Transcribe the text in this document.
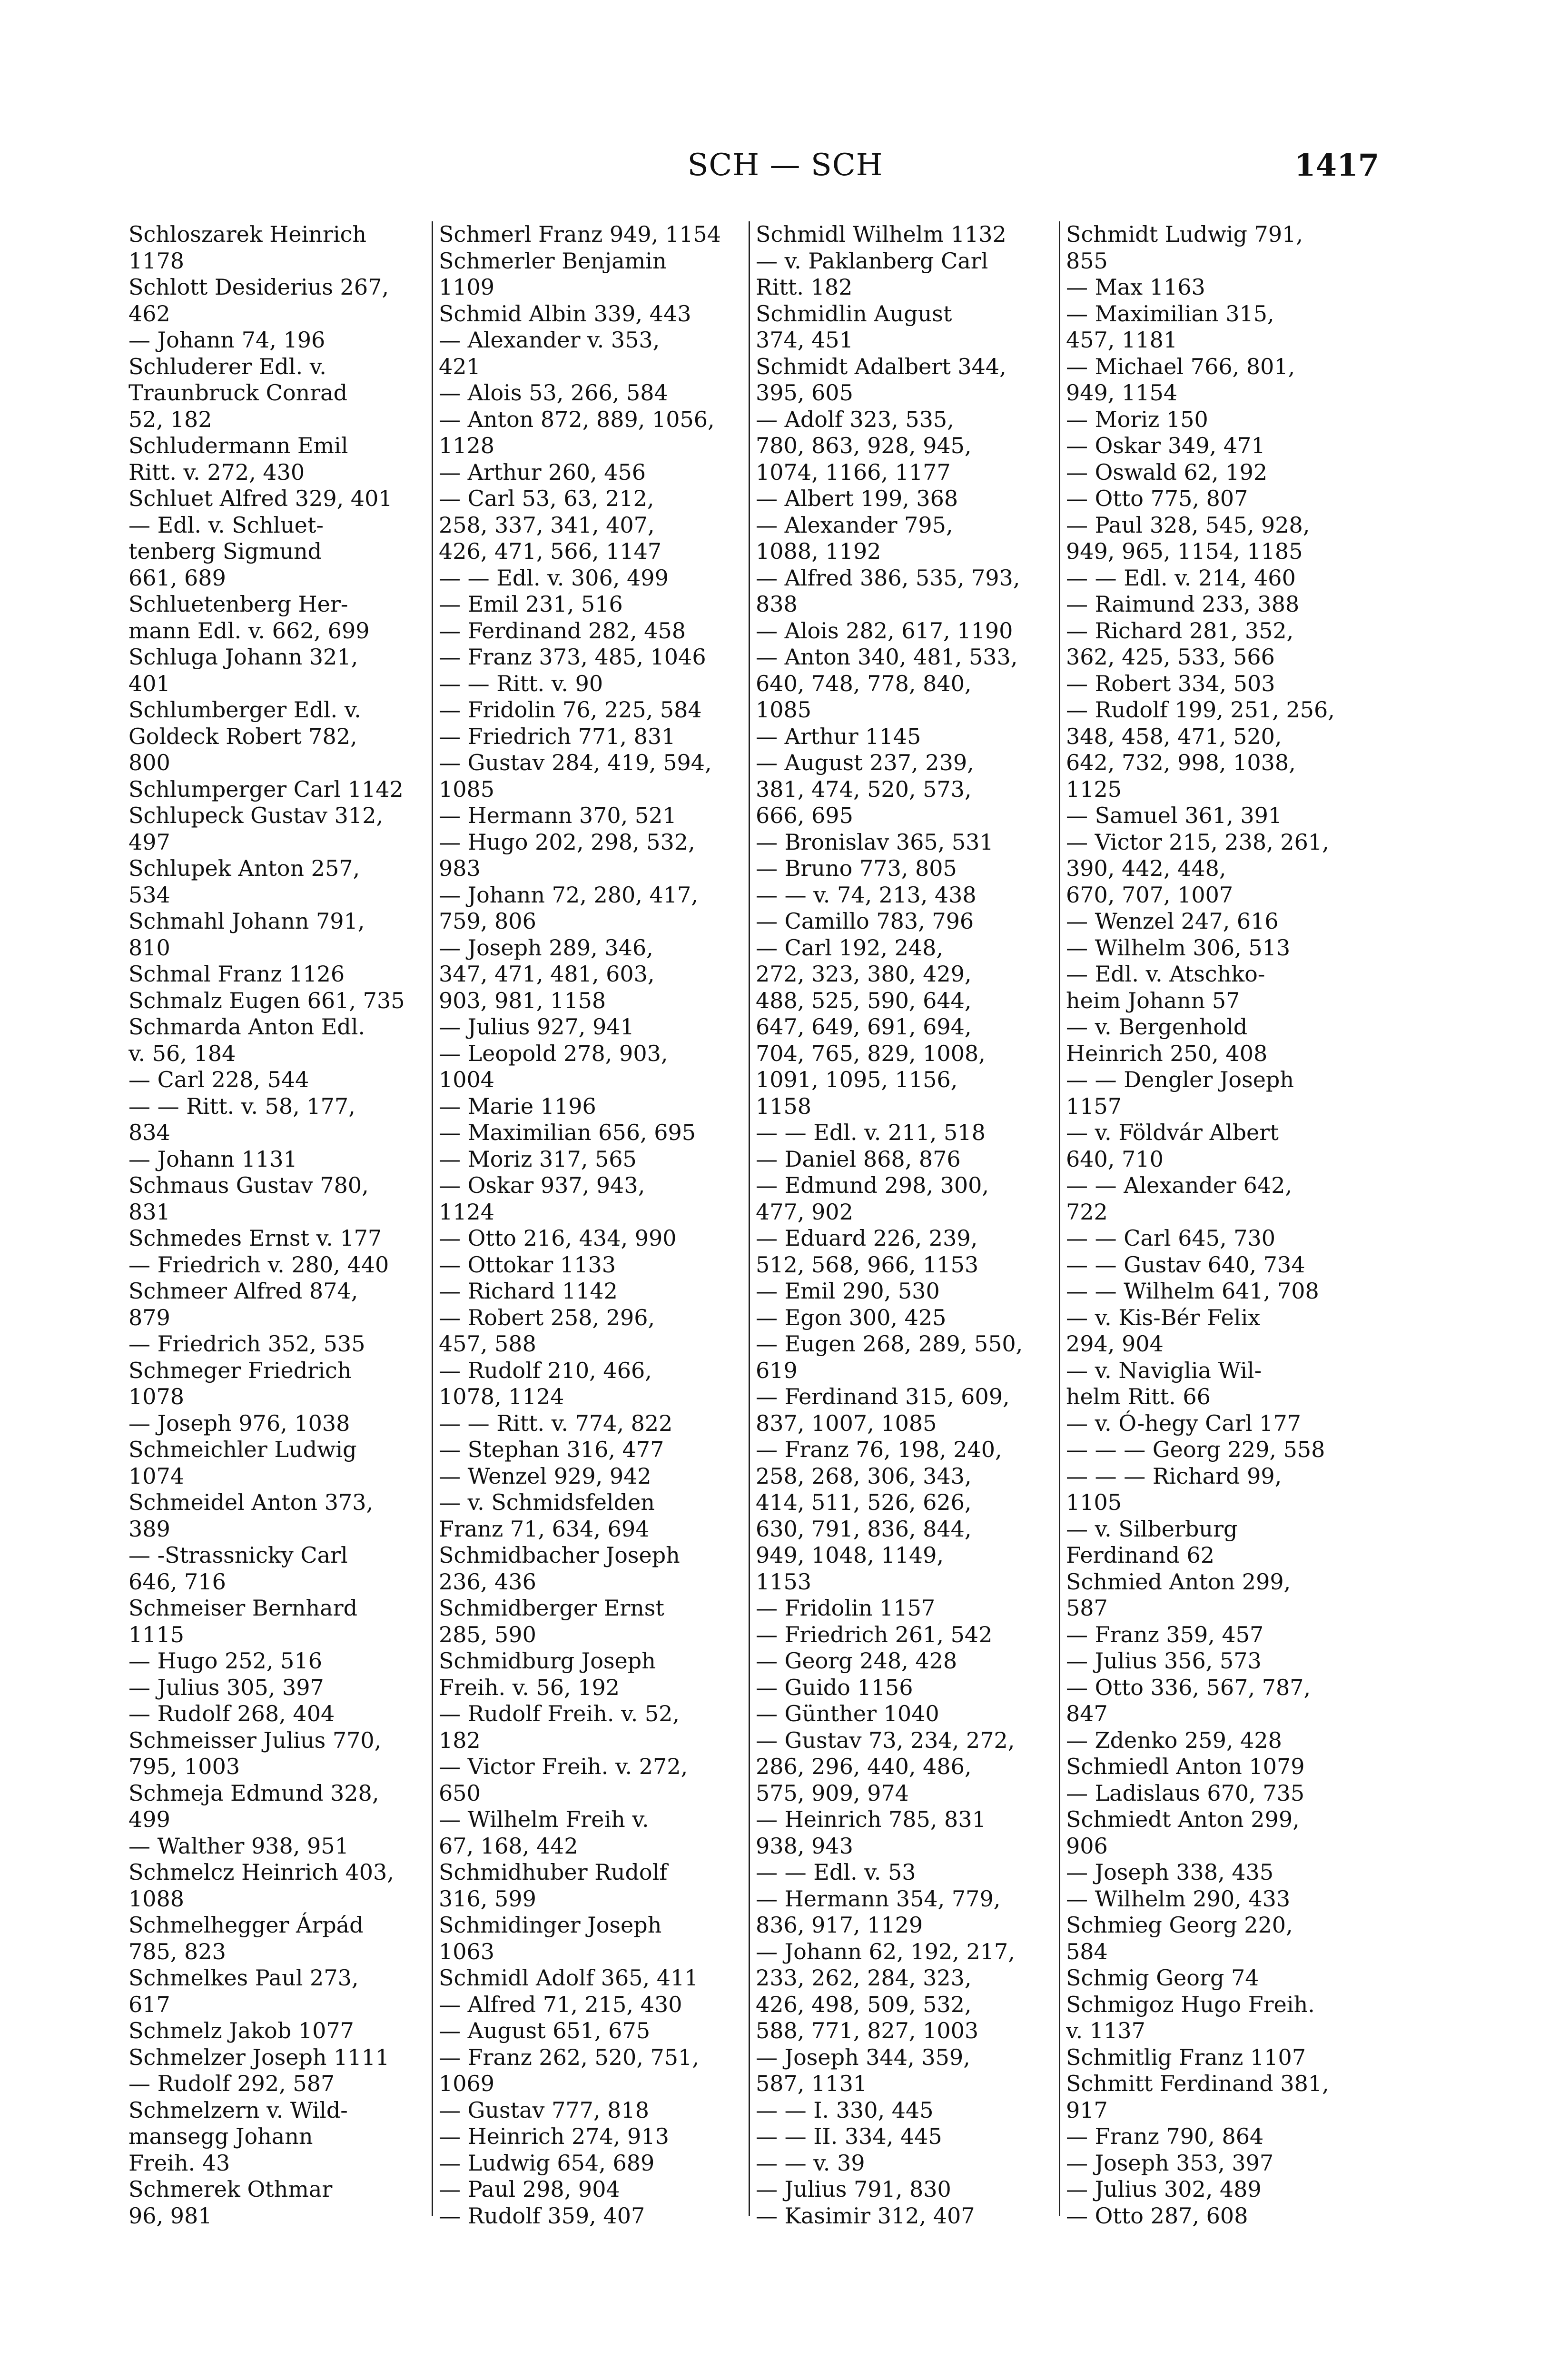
SCH — SCH	1417
Schloszarek Heinrich
1178
Schlott Desiderius 267,
462
— Johann 74, 196
Schluderer Edl. v.
Traunbruck Conrad
52, 182
Schludermann Emil
Ritt. v. 272, 430
Schluet Alfred 329, 401
— Edl. v. Schluet-
tenberg Sigmund
661, 689
Schluetenberg Her-
mann Edl. v. 662, 699
Schluga Johann 321,
401
Schlumberger Edl. v.
Goldeck Robert 782,
800
Schlumperger Carl 1142
Schlupeck Gustav 312,
497
Schlupek Anton 257,
534
Schmahl Johann 791,
810
Schmal Franz 1126
Schmalz Eugen 661, 735
Schmarda Anton Edl.
v. 56, 184
— Carl 228, 544
— — Ritt. v. 58, 177,
834
— Johann 1131
Schmaus Gustav 780,
831
Schmedes Ernst v. 177
— Friedrich v. 280, 440
Schmeer Alfred 874,
879
— Friedrich 352, 535
Schmeger Friedrich
1078
— Joseph 976, 1038
Schmeichler Ludwig
1074
Schmeidel Anton 373,
389
— -Strassnicky Carl
646, 716
Schmeiser Bernhard
1115
— Hugo 252, 516
— Julius 305, 397
— Rudolf 268, 404
Schmeisser Julius 770,
795, 1003
Schmeja Edmund 328,
499
— Walther 938, 951
Schmelcz Heinrich 403,
1088
Schmelhegger Árpád
785, 823
Schmelkes Paul 273,
617
Schmelz Jakob 1077
Schmelzer Joseph 1111
— Rudolf 292, 587
Schmelzern v. Wild-
mansegg Johann
Freih. 43
Schmerek Othmar
96, 981
Schmerl Franz 949, 1154
Schmerler Benjamin
1109
Schmid Albin 339, 443
— Alexander v. 353,
421
— Alois 53, 266, 584
— Anton 872, 889, 1056,
1128
— Arthur 260, 456
— Carl 53, 63, 212,
258, 337, 341, 407,
426, 471, 566, 1147
— — Edl. v. 306, 499
— Emil 231, 516
— Ferdinand 282, 458
— Franz 373, 485, 1046
— — Ritt. v. 90
— Fridolin 76, 225, 584
— Friedrich 771, 831
— Gustav 284, 419, 594,
1085
— Hermann 370, 521
— Hugo 202, 298, 532,
983
— Johann 72, 280, 417,
759, 806
— Joseph 289, 346,
347, 471, 481, 603,
903, 981, 1158
— Julius 927, 941
— Leopold 278, 903,
1004
— Marie 1196
— Maximilian 656, 695
— Moriz 317, 565
— Oskar 937, 943,
1124
— Otto 216, 434, 990
— Ottokar 1133
— Richard 1142
— Robert 258, 296,
457, 588
— Rudolf 210, 466,
1078, 1124
— — Ritt. v. 774, 822
— Stephan 316, 477
— Wenzel 929, 942
— v. Schmidsfelden
Franz 71, 634, 694
Schmidbacher Joseph
236, 436
Schmidberger Ernst
285, 590
Schmidburg Joseph
Freih. v. 56, 192
— Rudolf Freih. v. 52,
182
— Victor Freih. v. 272,
650
— Wilhelm Freih v.
67, 168, 442
Schmidhuber Rudolf
316, 599
Schmidinger Joseph
1063
Schmidl Adolf 365, 411
— Alfred 71, 215, 430
— August 651, 675
— Franz 262, 520, 751,
1069
— Gustav 777, 818
— Heinrich 274, 913
— Ludwig 654, 689
— Paul 298, 904
— Rudolf 359, 407
Schmidl Wilhelm 1132
— v. Paklanberg Carl
Ritt. 182
Schmidlin August
374, 451
Schmidt Adalbert 344,
395, 605
— Adolf 323, 535,
780, 863, 928, 945,
1074, 1166, 1177
— Albert 199, 368
— Alexander 795,
1088, 1192
— Alfred 386, 535, 793,
838
— Alois 282, 617, 1190
— Anton 340, 481, 533,
640, 748, 778, 840,
1085
— Arthur 1145
— August 237, 239,
381, 474, 520, 573,
666, 695
— Bronislav 365, 531
— Bruno 773, 805
— — v. 74, 213, 438
— Camillo 783, 796
— Carl 192, 248,
272, 323, 380, 429,
488, 525, 590, 644,
647, 649, 691, 694,
704, 765, 829, 1008,
1091, 1095, 1156,
1158
— — Edl. v. 211, 518
— Daniel 868, 876
— Edmund 298, 300,
477, 902
— Eduard 226, 239,
512, 568, 966, 1153
— Emil 290, 530
— Egon 300, 425
— Eugen 268, 289, 550,
619
— Ferdinand 315, 609,
837, 1007, 1085
— Franz 76, 198, 240,
258, 268, 306, 343,
414, 511, 526, 626,
630, 791, 836, 844,
949, 1048, 1149,
1153
— Fridolin 1157
— Friedrich 261, 542
— Georg 248, 428
— Guido 1156
— Günther 1040
— Gustav 73, 234, 272,
286, 296, 440, 486,
575, 909, 974
— Heinrich 785, 831
938, 943
— — Edl. v. 53
— Hermann 354, 779,
836, 917, 1129
— Johann 62, 192, 217,
233, 262, 284, 323,
426, 498, 509, 532,
588, 771, 827, 1003
— Joseph 344, 359,
587, 1131
— — I. 330, 445
— — II. 334, 445
— — v. 39
— Julius 791, 830
— Kasimir 312, 407
Schmidt Ludwig 791,
855
— Max 1163
— Maximilian 315,
457, 1181
— Michael 766, 801,
949, 1154
— Moriz 150
— Oskar 349, 471
— Oswald 62, 192
— Otto 775, 807
— Paul 328, 545, 928,
949, 965, 1154, 1185
— — Edl. v. 214, 460
— Raimund 233, 388
— Richard 281, 352,
362, 425, 533, 566
— Robert 334, 503
— Rudolf 199, 251, 256,
348, 458, 471, 520,
642, 732, 998, 1038,
1125
— Samuel 361, 391
— Victor 215, 238, 261,
390, 442, 448,
670, 707, 1007
— Wenzel 247, 616
— Wilhelm 306, 513
— Edl. v. Atschko-
heim Johann 57
— v. Bergenhold
Heinrich 250, 408
— — Dengler Joseph
1157
— v. Földvár Albert
640, 710
— — Alexander 642,
722
— — Carl 645, 730
— — Gustav 640, 734
— — Wilhelm 641, 708
— v. Kis-Bér Felix
294, 904
— v. Naviglia Wil-
helm Ritt. 66
— v. Ó-hegy Carl 177
— — — Georg 229, 558
— — — Richard 99,
1105
— v. Silberburg
Ferdinand 62
Schmied Anton 299,
587
— Franz 359, 457
— Julius 356, 573
— Otto 336, 567, 787,
847
— Zdenko 259, 428
Schmiedl Anton 1079
— Ladislaus 670, 735
Schmiedt Anton 299,
906
— Joseph 338, 435
— Wilhelm 290, 433
Schmieg Georg 220,
584
Schmig Georg 74
Schmigoz Hugo Freih.
v. 1137
Schmitlig Franz 1107
Schmitt Ferdinand 381,
917
— Franz 790, 864
— Joseph 353, 397
— Julius 302, 489
— Otto 287, 608
